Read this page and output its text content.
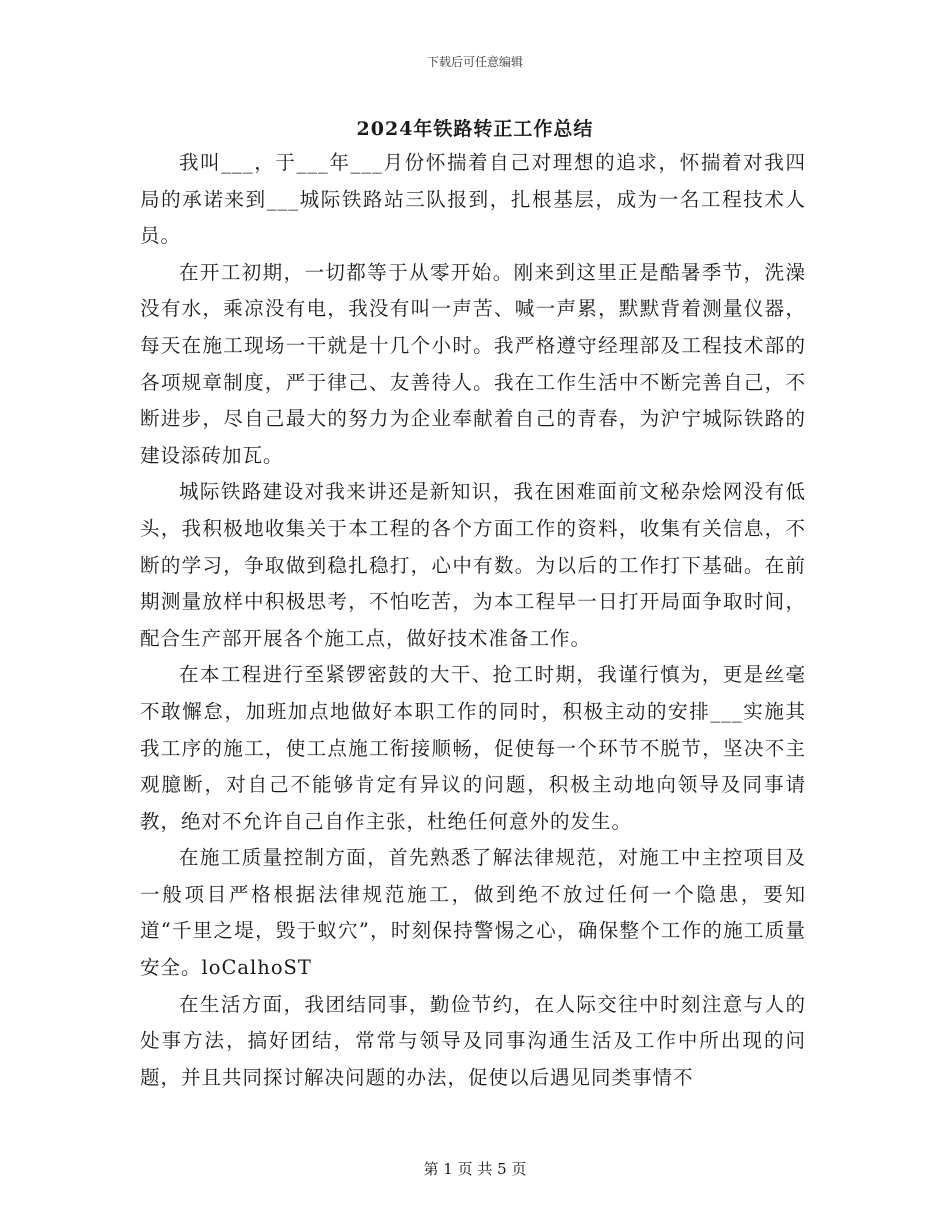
下载后可任意编辑
2024年铁路转正工作总结

我叫___，于___年___月份怀揣着自己对理想的追求，怀揣着对我四局的承诺来到___城际铁路站三队报到，扎根基层，成为一名工程技术人员。

在开工初期，一切都等于从零开始。刚来到这里正是酷暑季节，洗澡没有水，乘凉没有电，我没有叫一声苦、喊一声累，默默背着测量仪器，每天在施工现场一干就是十几个小时。我严格遵守经理部及工程技术部的各项规章制度，严于律己、友善待人。我在工作生活中不断完善自己，不断进步，尽自己最大的努力为企业奉献着自己的青春，为沪宁城际铁路的建设添砖加瓦。

城际铁路建设对我来讲还是新知识，我在困难面前文秘杂烩网没有低头，我积极地收集关于本工程的各个方面工作的资料，收集有关信息，不断的学习，争取做到稳扎稳打，心中有数。为以后的工作打下基础。在前期测量放样中积极思考，不怕吃苦，为本工程早一日打开局面争取时间，配合生产部开展各个施工点，做好技术准备工作。

在本工程进行至紧锣密鼓的大干、抢工时期，我谨行慎为，更是丝毫不敢懈怠，加班加点地做好本职工作的同时，积极主动的安排___实施其我工序的施工，使工点施工衔接顺畅，促使每一个环节不脱节，坚决不主观臆断，对自己不能够肯定有异议的问题，积极主动地向领导及同事请教，绝对不允许自己自作主张，杜绝任何意外的发生。

在施工质量控制方面，首先熟悉了解法律规范，对施工中主控项目及一般项目严格根据法律规范施工，做到绝不放过任何一个隐患，要知道“千里之堤，毁于蚁穴”，时刻保持警惕之心，确保整个工作的施工质量安全。loCalhoST

在生活方面，我团结同事，勤俭节约，在人际交往中时刻注意与人的处事方法，搞好团结，常常与领导及同事沟通生活及工作中所出现的问题，并且共同探讨解决问题的办法，促使以后遇见同类事情不

第 1 页 共 5 页
